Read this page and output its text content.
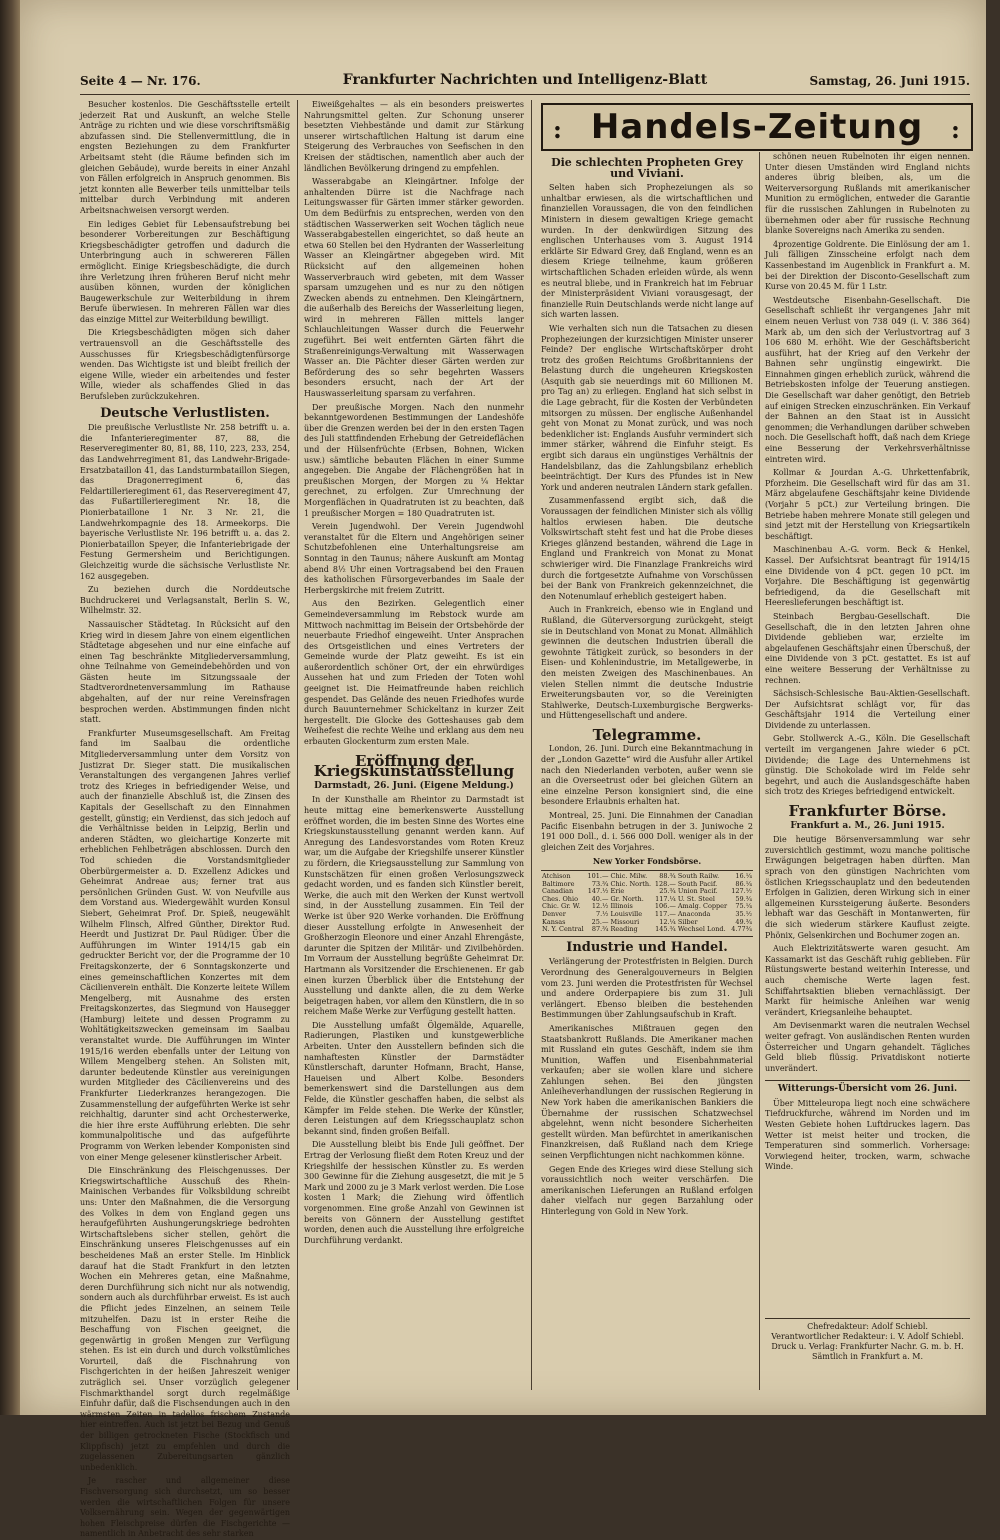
Seite 4 — Nr. 176.	Frankfurter Nachrichten und Intelligenz-Blatt	Samstag, 26. Juni 1915.

Besucher kostenlos. Die Geschäftsstelle erteilt jederzeit Rat und Auskunft, an welche Stelle Anträge zu richten und wie diese vorschriftsmäßig abzufassen sind. Die Stellenvermittlung, die in engsten Beziehungen zu dem Frankfurter Arbeitsamt steht (die Räume befinden sich im gleichen Gebäude), wurde bereits in einer Anzahl von Fällen erfolgreich in Anspruch genommen. Bis jetzt konnten alle Bewerber teils unmittelbar teils mittelbar durch Verbindung mit anderen Arbeitsnachweisen versorgt werden.

Ein lediges Gebiet für Lebensaufstrebung bei besonderer Vorbereitungen zur Beschäftigung Kriegsbeschädigter getroffen und dadurch die Unterbringung auch in schwereren Fällen ermöglicht. Einige Kriegsbeschädigte, die durch ihre Verletzung ihren früheren Beruf nicht mehr ausüben können, wurden der königlichen Baugewerkschule zur Weiterbildung in ihrem Berufe überwiesen. In mehreren Fällen war dies das einzige Mittel zur Weiterbildung bewilligt.

Die Kriegsbeschädigten mögen sich daher vertrauensvoll an die Geschäftsstelle des Ausschusses für Kriegsbeschädigtenfürsorge wenden. Das Wichtigste ist und bleibt freilich der eigene Wille, wieder ein arbeitendes und fester Wille, wieder als schaffendes Glied in das Berufsleben zurückzukehren.

Deutsche Verlustlisten.

Die preußische Verlustliste Nr. 258 betrifft u. a. die Infanterieregimenter 87, 88, die Reserveregimenter 80, 81, 88, 110, 223, 233, 254, das Landwehrregiment 81, das Landwehr-Brigade-Ersatzbataillon 41, das Landsturmbataillon Siegen, das Dragonerregiment 6, das Feldartillerieregiment 61, das Reserveregiment 47, das Fußartillerieregiment Nr. 18, die Pionierbataillone 1 Nr. 3 Nr. 21, die Landwehrkompagnie des 18. Armeekorps. Die bayerische Verlustliste Nr. 196 betrifft u. a. das 2. Pionierbataillon Speyer, die Infanteriebrigade der Festung Germersheim und Berichtigungen. Gleichzeitig wurde die sächsische Verlustliste Nr. 162 ausgegeben.

Zu beziehen durch die Norddeutsche Buchdruckerei und Verlagsanstalt, Berlin S. W., Wilhelmstr. 32.

Nassauischer Städtetag. In Rücksicht auf den Krieg wird in diesem Jahre von einem eigentlichen Städtetage abgesehen und nur eine einfache auf einen Tag beschränkte Mitgliederversammlung, ohne Teilnahme von Gemeindebehörden und von Gästen heute im Sitzungssaale der Stadtverordnetenversammlung im Rathause abgehalten, auf der nur reine Vereinsfragen besprochen werden. Abstimmungen finden nicht statt.

Frankfurter Museumsgesellschaft. Am Freitag fand im Saalbau die ordentliche Mitgliederversammlung unter dem Vorsitz von Justizrat Dr. Sieger statt. Die musikalischen Veranstaltungen des vergangenen Jahres verlief trotz des Krieges in befriedigender Weise, und auch der finanzielle Abschluß ist, die Zinsen des Kapitals der Gesellschaft zu den Einnahmen gestellt, günstig; ein Verdienst, das sich jedoch auf die Verhältnisse beiden in Leipzig, Berlin und anderen Städten, wo gleichartige Konzerte mit erheblichen Fehlbeträgen abschlossen. Durch den Tod schieden die Vorstandsmitglieder Oberbürgermeister a. D. Exzellenz Adickes und Geheimrat Andreae aus; ferner trat aus persönlichen Gründen Gust. W. von Neufville aus dem Vorstand aus. Wiedergewählt wurden Konsul Siebert, Geheimrat Prof. Dr. Spieß, neugewählt Wilhelm Flinsch, Alfred Günther, Direktor Rud. Heerdt und Justizrat Dr. Paul Rüdiger. Über die Aufführungen im Winter 1914/15 gab ein gedruckter Bericht vor, der die Programme der 10 Freitagskonzerte, der 6 Sonntagskonzerte und eines gemeinschaftlichen Konzertes mit dem Cäcilienverein enthält. Die Konzerte leitete Willem Mengelberg, mit Ausnahme des ersten Freitagskonzertes, das Siegmund von Hausegger (Hamburg) leitete und dessen Programm zu Wohltätigkeitszwecken gemeinsam im Saalbau veranstaltet wurde. Die Aufführungen im Winter 1915/16 werden ebenfalls unter der Leitung von Willem Mengelberg stehen. An Solisten mit, darunter bedeutende Künstler aus vereinigungen wurden Mitglieder des Cäcilienvereins und des Frankfurter Liederkranzes herangezogen. Die Zusammenstellung der aufgeführten Werke ist sehr reichhaltig, darunter sind acht Orchesterwerke, die hier ihre erste Aufführung erlebten. Die sehr kommunalpolitische und das aufgeführte Programm von Werken lebender Komponisten sind von einer Menge gelesener künstlerischer Arbeit.

Die Einschränkung des Fleischgenusses. Der Kriegswirtschaftliche Ausschuß des Rhein-Mainischen Verbandes für Volksbildung schreibt uns: Unter den Maßnahmen, die die Versorgung des Volkes in dem von England gegen uns heraufgeführten Aushungerungskriege bedrohten Wirtschaftslebens sicher stellen, gehört die Einschränkung unseres Fleischgenusses auf ein bescheidenes Maß an erster Stelle. Im Hinblick darauf hat die Stadt Frankfurt in den letzten Wochen ein Mehreres getan, eine Maßnahme, deren Durchführung sich nicht nur als notwendig, sondern auch als durchführbar erweist. Es ist auch die Pflicht jedes Einzelnen, an seinem Teile mitzuhelfen. Dazu ist in erster Reihe die Beschaffung von Fischen geeignet, die gegenwärtig in großen Mengen zur Verfügung stehen. Es ist ein durch und durch volkstümliches Vorurteil, daß die Fischnahrung von Fischgerichten in der heißen Jahreszeit weniger zuträglich sei. Unser vorzüglich gelegener Fischmarkthandel sorgt durch regelmäßige Einfuhr dafür, daß die Fischsendungen auch in den wärmsten Zeiten in tadellos frischem Zustande hier eintreffen. Auch ist jetzt bei Bezug und Genuß der billigen getrockneten Fische (Stockfisch und Klippfisch) jetzt zu empfehlen und durch die zugelassenen Zubereitungsarten gänzlich unbedenklich.

Je rascher und allgemeiner diese Fischversorgung sich durchsetzt, um so besser werden die wirtschaftlichen Folgen für unsere Volksernährung sein. Wegen der gegenwärtigen hohen Fleischpreise dürfen die Fischgerichte — namentlich in Anbetracht des sehr starken

Eiweißgehaltes — als ein besonders preiswertes Nahrungsmittel gelten. Zur Schonung unserer besetzten Viehbestände und damit zur Stärkung unserer wirtschaftlichen Haltung ist darum eine Steigerung des Verbrauches von Seefischen in den Kreisen der städtischen, namentlich aber auch der ländlichen Bevölkerung dringend zu empfehlen.

Wasserabgabe an Kleingärtner. Infolge der anhaltenden Dürre ist die Nachfrage nach Leitungswasser für Gärten immer stärker geworden. Um dem Bedürfnis zu entsprechen, werden von den städtischen Wasserwerken seit Wochen täglich neue Wasserabgabestellen eingerichtet, so daß heute an etwa 60 Stellen bei den Hydranten der Wasserleitung Wasser an Kleingärtner abgegeben wird. Mit Rücksicht auf den allgemeinen hohen Wasserverbrauch wird gebeten, mit dem Wasser sparsam umzugehen und es nur zu den nötigen Zwecken abends zu entnehmen. Den Kleingärtnern, die außerhalb des Bereichs der Wasserleitung liegen, wird in mehreren Fällen mittels langer Schlauchleitungen Wasser durch die Feuerwehr zugeführt. Bei weit entfernten Gärten fährt die Straßenreinigungs-Verwaltung mit Wasserwagen Wasser an. Die Pächter dieser Gärten werden zur Beförderung des so sehr begehrten Wassers besonders ersucht, nach der Art der Hauswasserleitung sparsam zu verfahren.

Der preußische Morgen. Nach den nunmehr bekanntgewordenen Bestimmungen der Landeshöfe über die Grenzen werden bei der in den ersten Tagen des Juli stattfindenden Erhebung der Getreideflächen und der Hülsenfrüchte (Erbsen, Bohnen, Wicken usw.) sämtliche bebauten Flächen in einer Summe angegeben. Die Angabe der Flächengrößen hat in preußischen Morgen, der Morgen zu ¼ Hektar gerechnet, zu erfolgen. Zur Umrechnung der Morgenflächen in Quadratruten ist zu beachten, daß 1 preußischer Morgen = 180 Quadratruten ist.

Verein Jugendwohl. Der Verein Jugendwohl veranstaltet für die Eltern und Angehörigen seiner Schutzbefohlenen eine Unterhaltungsreise am Sonntag in den Taunus; nähere Auskunft am Montag abend 8½ Uhr einen Vortragsabend bei den Frauen des katholischen Fürsorgeverbandes im Saale der Herbergskirche mit freiem Zutritt.

Aus den Bezirken. Gelegentlich einer Gemeindeversammlung im Rebstock wurde am Mittwoch nachmittag im Beisein der Ortsbehörde der neuerbaute Friedhof eingeweiht. Unter Ansprachen des Ortsgeistlichen und eines Vertreters der Gemeinde wurde der Platz geweiht. Es ist ein außerordentlich schöner Ort, der ein ehrwürdiges Aussehen hat und zum Frieden der Toten wohl geeignet ist. Die Heimatfreunde haben reichlich gespendet. Das Gelände des neuen Friedhofes wurde durch Bauunternehmer Schickeltanz in kurzer Zeit hergestellt. Die Glocke des Gotteshauses gab dem Weihefest die rechte Weihe und erklang aus dem neu erbauten Glockenturm zum ersten Male.

Eröffnung der Kriegskunstausstellung
Darmstadt, 26. Juni. (Eigene Meldung.)

In der Kunsthalle am Rheintor zu Darmstadt ist heute mittag eine bemerkenswerte Ausstellung eröffnet worden, die im besten Sinne des Wortes eine Kriegskunstausstellung genannt werden kann. Auf Anregung des Landesvorstandes vom Roten Kreuz war, um die Aufgabe der Kriegshilfe unserer Künstler zu fördern, die Kriegsausstellung zur Sammlung von Kunstschätzen für einen großen Verlosungszweck gedacht worden, und es fanden sich Künstler bereit, Werke, die auch mit den Werken der Kunst wertvoll sind, in der Ausstellung zusammen. Ein Teil der Werke ist über 920 Werke vorhanden. Die Eröffnung dieser Ausstellung erfolgte in Anwesenheit der Großherzogin Eleonore und einer Anzahl Ehrengäste, darunter die Spitzen der Militär- und Zivilbehörden. Im Vorraum der Ausstellung begrüßte Geheimrat Dr. Hartmann als Vorsitzender die Erschienenen. Er gab einen kurzen Überblick über die Entstehung der Ausstellung und dankte allen, die zu dem Werke beigetragen haben, vor allem den Künstlern, die in so reichem Maße Werke zur Verfügung gestellt hatten.

Die Ausstellung umfaßt Ölgemälde, Aquarelle, Radierungen, Plastiken und kunstgewerbliche Arbeiten. Unter den Ausstellern befinden sich die namhaftesten Künstler der Darmstädter Künstlerschaft, darunter Hofmann, Bracht, Hanse, Haueisen und Albert Kolbe. Besonders bemerkenswert sind die Darstellungen aus dem Felde, die Künstler geschaffen haben, die selbst als Kämpfer im Felde stehen. Die Werke der Künstler, deren Leistungen auf dem Kriegsschauplatz schon bekannt sind, finden großen Beifall.

Die Ausstellung bleibt bis Ende Juli geöffnet. Der Ertrag der Verlosung fließt dem Roten Kreuz und der Kriegshilfe der hessischen Künstler zu. Es werden 300 Gewinne für die Ziehung ausgesetzt, die mit je 5 Mark und 2000 zu je 3 Mark verlost werden. Die Lose kosten 1 Mark; die Ziehung wird öffentlich vorgenommen. Eine große Anzahl von Gewinnen ist bereits von Gönnern der Ausstellung gestiftet worden, denen auch die Ausstellung ihre erfolgreiche Durchführung verdankt.

: Handels-Zeitung	:
Die schlechten Propheten Grey und Viviani.

Selten haben sich Prophezeiungen als so unhaltbar erwiesen, als die wirtschaftlichen und finanziellen Voraussagen, die von den feindlichen Ministern in diesem gewaltigen Kriege gemacht wurden. In der denkwürdigen Sitzung des englischen Unterhauses vom 3. August 1914 erklärte Sir Edward Grey, daß England, wenn es an diesem Kriege teilnehme, kaum größeren wirtschaftlichen Schaden erleiden würde, als wenn es neutral bliebe, und in Frankreich hat im Februar der Ministerpräsident Viviani vorausgesagt, der finanzielle Ruin Deutschlands werde nicht lange auf sich warten lassen.

Wie verhalten sich nun die Tatsachen zu diesen Prophezeiungen der kurzsichtigen Minister unserer Feinde? Der englische Wirtschaftskörper droht trotz des großen Reichtums Großbritanniens der Belastung durch die ungeheuren Kriegskosten (Asquith gab sie neuerdings mit 60 Millionen M. pro Tag an) zu erliegen. England hat sich selbst in die Lage gebracht, für die Kosten der Verbündeten mitsorgen zu müssen. Der englische Außenhandel geht von Monat zu Monat zurück, und was noch bedenklicher ist: Englands Ausfuhr vermindert sich immer stärker, während die Einfuhr steigt. Es ergibt sich daraus ein ungünstiges Verhältnis der Handelsbilanz, das die Zahlungsbilanz erheblich beeinträchtigt. Der Kurs des Pfundes ist in New York und anderen neutralen Ländern stark gefallen.

Zusammenfassend ergibt sich, daß die Voraussagen der feindlichen Minister sich als völlig haltlos erwiesen haben. Die deutsche Volkswirtschaft steht fest und hat die Probe dieses Krieges glänzend bestanden, während die Lage in England und Frankreich von Monat zu Monat schwieriger wird. Die Finanzlage Frankreichs wird durch die fortgesetzte Aufnahme von Vorschüssen bei der Bank von Frankreich gekennzeichnet, die den Notenumlauf erheblich gesteigert haben.

Auch in Frankreich, ebenso wie in England und Rußland, die Güterversorgung zurückgeht, steigt sie in Deutschland von Monat zu Monat. Allmählich gewinnen die deutschen Industrien überall die gewohnte Tätigkeit zurück, so besonders in der Eisen- und Kohlenindustrie, im Metallgewerbe, in den meisten Zweigen des Maschinenbaues. An vielen Stellen nimmt die deutsche Industrie Erweiterungsbauten vor, so die Vereinigten Stahlwerke, Deutsch-Luxemburgische Bergwerks- und Hüttengesellschaft und andere.

Telegramme.

London, 26. Juni. Durch eine Bekanntmachung in der „London Gazette“ wird die Ausfuhr aller Artikel nach den Niederlanden verboten, außer wenn sie an die Overseetrust oder bei gleichen Gütern an eine einzelne Person konsigniert sind, die eine besondere Erlaubnis erhalten hat.

Montreal, 25. Juni. Die Einnahmen der Canadian Pacific Eisenbahn betrugen in der 3. Juniwoche 2 191 000 Doll., d. i. 566 000 Doll. weniger als in der gleichen Zeit des Vorjahres.

New Yorker Fondsbörse.
Atchison	101.—	Chic. Milw.	88.¾	South Railw.	16.¼
Baltimore	73.¾	Chic. North.	128.—	South Pacif.	86.¼
Canadian	147.½	Erie	25.¾	Union Pacif.	127.½
Ches. Ohio	40.—	Gr. North.	117.¼	U. St. Steel	59.¾
Chic. Gr. W.	12.½	Illinois	106.—	Amalg. Copper	75.¼
Denver	7.½	Louisville	117.—	Anaconda	35.½
Kansas	25.—	Missouri	12.¼	Silber	49.¾
N. Y. Central	87.¾	Reading	145.¾	Wechsel Lond.	4.77¾
Industrie und Handel.

Verlängerung der Protestfristen in Belgien. Durch Verordnung des Generalgouverneurs in Belgien vom 23. Juni werden die Protestfristen für Wechsel und andere Orderpapiere bis zum 31. Juli verlängert. Ebenso bleiben die bestehenden Bestimmungen über Zahlungsaufschub in Kraft.

Amerikanisches Mißtrauen gegen den Staatsbankrott Rußlands. Die Amerikaner machen mit Russland ein gutes Geschäft, indem sie ihm Munition, Waffen und Eisenbahnmaterial verkaufen; aber sie wollen klare und sichere Zahlungen sehen. Bei den jüngsten Anleiheverhandlungen der russischen Regierung in New York haben die amerikanischen Bankiers die Übernahme der russischen Schatzwechsel abgelehnt, wenn nicht besondere Sicherheiten gestellt würden. Man befürchtet in amerikanischen Finanzkreisen, daß Rußland nach dem Kriege seinen Verpflichtungen nicht nachkommen könne.

Gegen Ende des Krieges wird diese Stellung sich voraussichtlich noch weiter verschärfen. Die amerikanischen Lieferungen an Rußland erfolgen daher vielfach nur gegen Barzahlung oder Hinterlegung von Gold in New York.

schönen neuen Rubelnoten ihr eigen nennen. Unter diesen Umständen wird England nichts anderes übrig bleiben, als, um die Weiterversorgung Rußlands mit amerikanischer Munition zu ermöglichen, entweder die Garantie für die russischen Zahlungen in Rubelnoten zu übernehmen oder aber für russische Rechnung blanke Sovereigns nach Amerika zu senden.

4prozentige Goldrente. Die Einlösung der am 1. Juli fälligen Zinsscheine erfolgt nach dem Kassenbestand im Augenblick in Frankfurt a. M. bei der Direktion der Disconto-Gesellschaft zum Kurse von 20.45 M. für 1 Lstr.

Westdeutsche Eisenbahn-Gesellschaft. Die Gesellschaft schließt ihr vergangenes Jahr mit einem neuen Verlust von 738 049 (i. V. 386 364) Mark ab, um den sich der Verlustvortrag auf 3 106 680 M. erhöht. Wie der Geschäftsbericht ausführt, hat der Krieg auf den Verkehr der Bahnen sehr ungünstig eingewirkt. Die Einnahmen gingen erheblich zurück, während die Betriebskosten infolge der Teuerung anstiegen. Die Gesellschaft war daher genötigt, den Betrieb auf einigen Strecken einzuschränken. Ein Verkauf der Bahnen an den Staat ist in Aussicht genommen; die Verhandlungen darüber schweben noch. Die Gesellschaft hofft, daß nach dem Kriege eine Besserung der Verkehrsverhältnisse eintreten wird.

Kollmar & Jourdan A.-G. Uhrkettenfabrik, Pforzheim. Die Gesellschaft wird für das am 31. März abgelaufene Geschäftsjahr keine Dividende (Vorjahr 5 pCt.) zur Verteilung bringen. Die Betriebe haben mehrere Monate still gelegen und sind jetzt mit der Herstellung von Kriegsartikeln beschäftigt.

Maschinenbau A.-G. vorm. Beck & Henkel, Kassel. Der Aufsichtsrat beantragt für 1914/15 eine Dividende von 4 pCt. gegen 10 pCt. im Vorjahre. Die Beschäftigung ist gegenwärtig befriedigend, da die Gesellschaft mit Heereslieferungen beschäftigt ist.

Steinbach Bergbau-Gesellschaft. Die Gesellschaft, die in den letzten Jahren ohne Dividende geblieben war, erzielte im abgelaufenen Geschäftsjahr einen Überschuß, der eine Dividende von 3 pCt. gestattet. Es ist auf eine weitere Besserung der Verhältnisse zu rechnen.

Sächsisch-Schlesische Bau-Aktien-Gesellschaft. Der Aufsichtsrat schlägt vor, für das Geschäftsjahr 1914 die Verteilung einer Dividende zu unterlassen.

Gebr. Stollwerck A.-G., Köln. Die Gesellschaft verteilt im vergangenen Jahre wieder 6 pCt. Dividende; die Lage des Unternehmens ist günstig. Die Schokolade wird im Felde sehr begehrt, und auch die Auslandsgeschäfte haben sich trotz des Krieges befriedigend entwickelt.

Frankfurter Börse.
Frankfurt a. M., 26. Juni 1915.

Die heutige Börsenversammlung war sehr zuversichtlich gestimmt, wozu manche politische Erwägungen beigetragen haben dürften. Man sprach von den günstigen Nachrichten vom östlichen Kriegsschauplatz und den bedeutenden Erfolgen in Galizien, deren Wirkung sich in einer allgemeinen Kurssteigerung äußerte. Besonders lebhaft war das Geschäft in Montanwerten, für die sich wiederum stärkere Kauflust zeigte. Phönix, Gelsenkirchen und Bochumer zogen an.

Auch Elektrizitätswerte waren gesucht. Am Kassamarkt ist das Geschäft ruhig geblieben. Für Rüstungswerte bestand weiterhin Interesse, und auch chemische Werte lagen fest. Schiffahrtsaktien blieben vernachlässigt. Der Markt für heimische Anleihen war wenig verändert, Kriegsanleihe behauptet.

Am Devisenmarkt waren die neutralen Wechsel weiter gefragt. Von ausländischen Renten wurden Österreicher und Ungarn gehandelt. Tägliches Geld blieb flüssig. Privatdiskont notierte unverändert.

Witterungs-Übersicht vom 26. Juni.

Über Mitteleuropa liegt noch eine schwächere Tiefdruckfurche, während im Norden und im Westen Gebiete hohen Luftdruckes lagern. Das Wetter ist meist heiter und trocken, die Temperaturen sind sommerlich. Vorhersage: Vorwiegend heiter, trocken, warm, schwache Winde.

Chefredakteur: Adolf Schiebl.
Verantwortlicher Redakteur: i. V. Adolf Schiebl.
Druck u. Verlag: Frankfurter Nachr. G. m. b. H.
Sämtlich in Frankfurt a. M.
